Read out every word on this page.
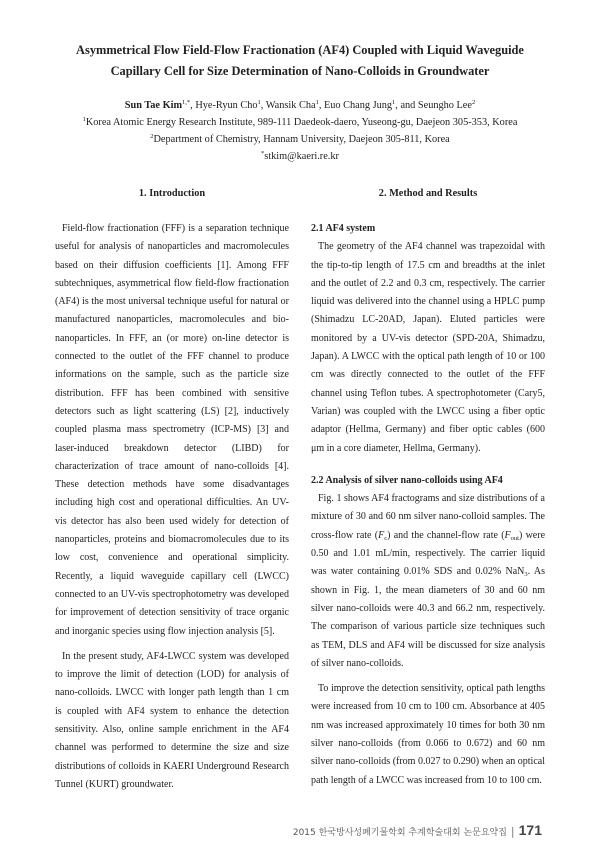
Asymmetrical Flow Field-Flow Fractionation (AF4) Coupled with Liquid Waveguide
Capillary Cell for Size Determination of Nano-Colloids in Groundwater
Sun Tae Kim$^{1,*}$, Hye-Ryun Cho$^1$, Wansik Cha$^1$, Euo Chang Jung$^1$, and Seungho Lee$^2$
$^1$Korea Atomic Energy Research Institute, 989-111 Daedeok-daero, Yuseong-gu, Daejeon 305-353, Korea
$^2$Department of Chemistry, Hannam University, Daejeon 305-811, Korea
*stkim@kaeri.re.kr
1. Introduction

Field-flow fractionation (FFF) is a separation technique useful for analysis of nanoparticles and macromolecules based on their diffusion coefficients [1]. Among FFF subtechniques, asymmetrical flow field-flow fractionation (AF4) is the most universal technique useful for natural or manufactured nanoparticles, macromolecules and bio-nanoparticles. In FFF, an (or more) on-line detector is connected to the outlet of the FFF channel to produce informations on the sample, such as the particle size distribution. FFF has been combined with sensitive detectors such as light scattering (LS) [2], inductively coupled plasma mass spectrometry (ICP-MS) [3] and laser-induced breakdown detector (LIBD) for characterization of trace amount of nano-colloids [4]. These detection methods have some disadvantages including high cost and operational difficulties. An UV-vis detector has also been used widely for detection of nanoparticles, proteins and biomacromolecules due to its low cost, convenience and operational simplicity. Recently, a liquid waveguide capillary cell (LWCC) connected to an UV-vis spectrophotometry was developed for improvement of detection sensitivity of trace organic and inorganic species using flow injection analysis [5].

In the present study, AF4-LWCC system was developed to improve the limit of detection (LOD) for analysis of nano-colloids. LWCC with longer path length than 1 cm is coupled with AF4 system to enhance the detection sensitivity. Also, online sample enrichment in the AF4 channel was performed to determine the size and size distributions of colloids in KAERI Underground Research Tunnel (KURT) groundwater.

2. Method and Results
2.1 AF4 system

The geometry of the AF4 channel was trapezoidal with the tip-to-tip length of 17.5 cm and breadths at the inlet and the outlet of 2.2 and 0.3 cm, respectively. The carrier liquid was delivered into the channel using a HPLC pump (Shimadzu LC-20AD, Japan). Eluted particles were monitored by a UV-vis detector (SPD-20A, Shimadzu, Japan). A LWCC with the optical path length of 10 or 100 cm was directly connected to the outlet of the FFF channel using Teflon tubes. A spectrophotometer (Cary5, Varian) was coupled with the LWCC using a fiber optic adaptor (Hellma, Germany) and fiber optic cables (600 μm in a core diameter, Hellma, Germany).

2.2 Analysis of silver nano-colloids using AF4

Fig. 1 shows AF4 fractograms and size distributions of a mixture of 30 and 60 nm silver nano-colloid samples. The cross-flow rate $(F_c)$ and the channel-flow rate $(F_{out})$ were 0.50 and 1.01 mL/min, respectively. The carrier liquid was water containing 0.01% SDS and 0.02% NaN$_3$. As shown in Fig. 1, the mean diameters of 30 and 60 nm silver nano-colloids were 40.3 and 66.2 nm, respectively. The comparison of various particle size techniques such as TEM, DLS and AF4 will be discussed for size analysis of silver nano-colloids.

To improve the detection sensitivity, optical path lengths were increased from 10 cm to 100 cm. Absorbance at 405 nm was increased approximately 10 times for both 30 nm silver nano-colloids (from 0.066 to 0.672) and 60 nm silver nano-colloids (from 0.027 to 0.290) when an optical path length of a LWCC was increased from 10 to 100 cm.

2015 한국방사성폐기물학회 추계학술대회 논문요약집 | 171
